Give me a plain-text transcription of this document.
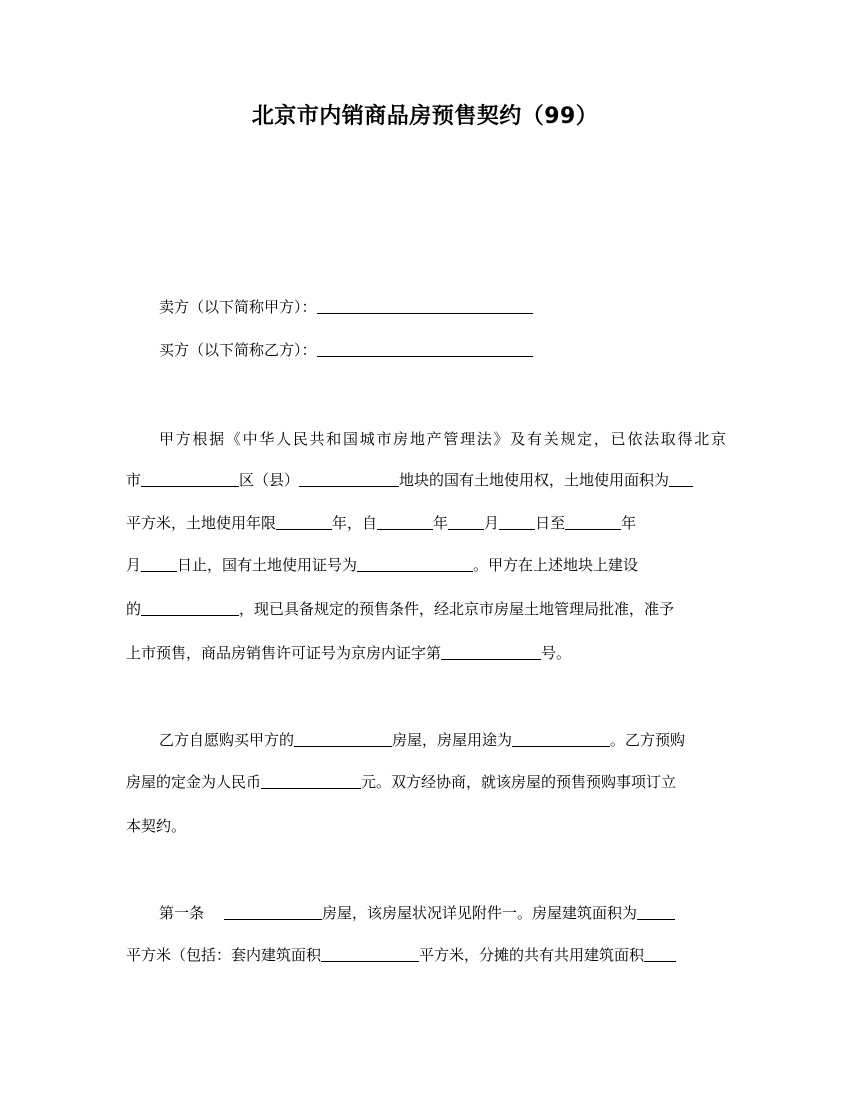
北京市内销商品房预售契约（99）
卖方（以下简称甲方）：
买方（以下简称乙方）：
甲方根据《中华人民共和国城市房地产管理法》及有关规定，已依法取得北京
市	区（县）	地块的国有土地使用权，土地使用面积为
平方米，土地使用年限	年，自	年 月 日至	年
月 日止，国有土地使用证号为	。甲方在上述地块上建设
的	，现已具备规定的预售条件，经北京市房屋土地管理局批准，准予
上市预售，商品房销售许可证号为京房内证字第	号。
乙方自愿购买甲方的	房屋，房屋用途为	。乙方预购
房屋的定金为人民币	元。双方经协商，就该房屋的预售预购事项订立
本契约。
第一条	房屋，该房屋状况详见附件一。房屋建筑面积为
平方米（包括：套内建筑面积	平方米，分摊的共有共用建筑面积
